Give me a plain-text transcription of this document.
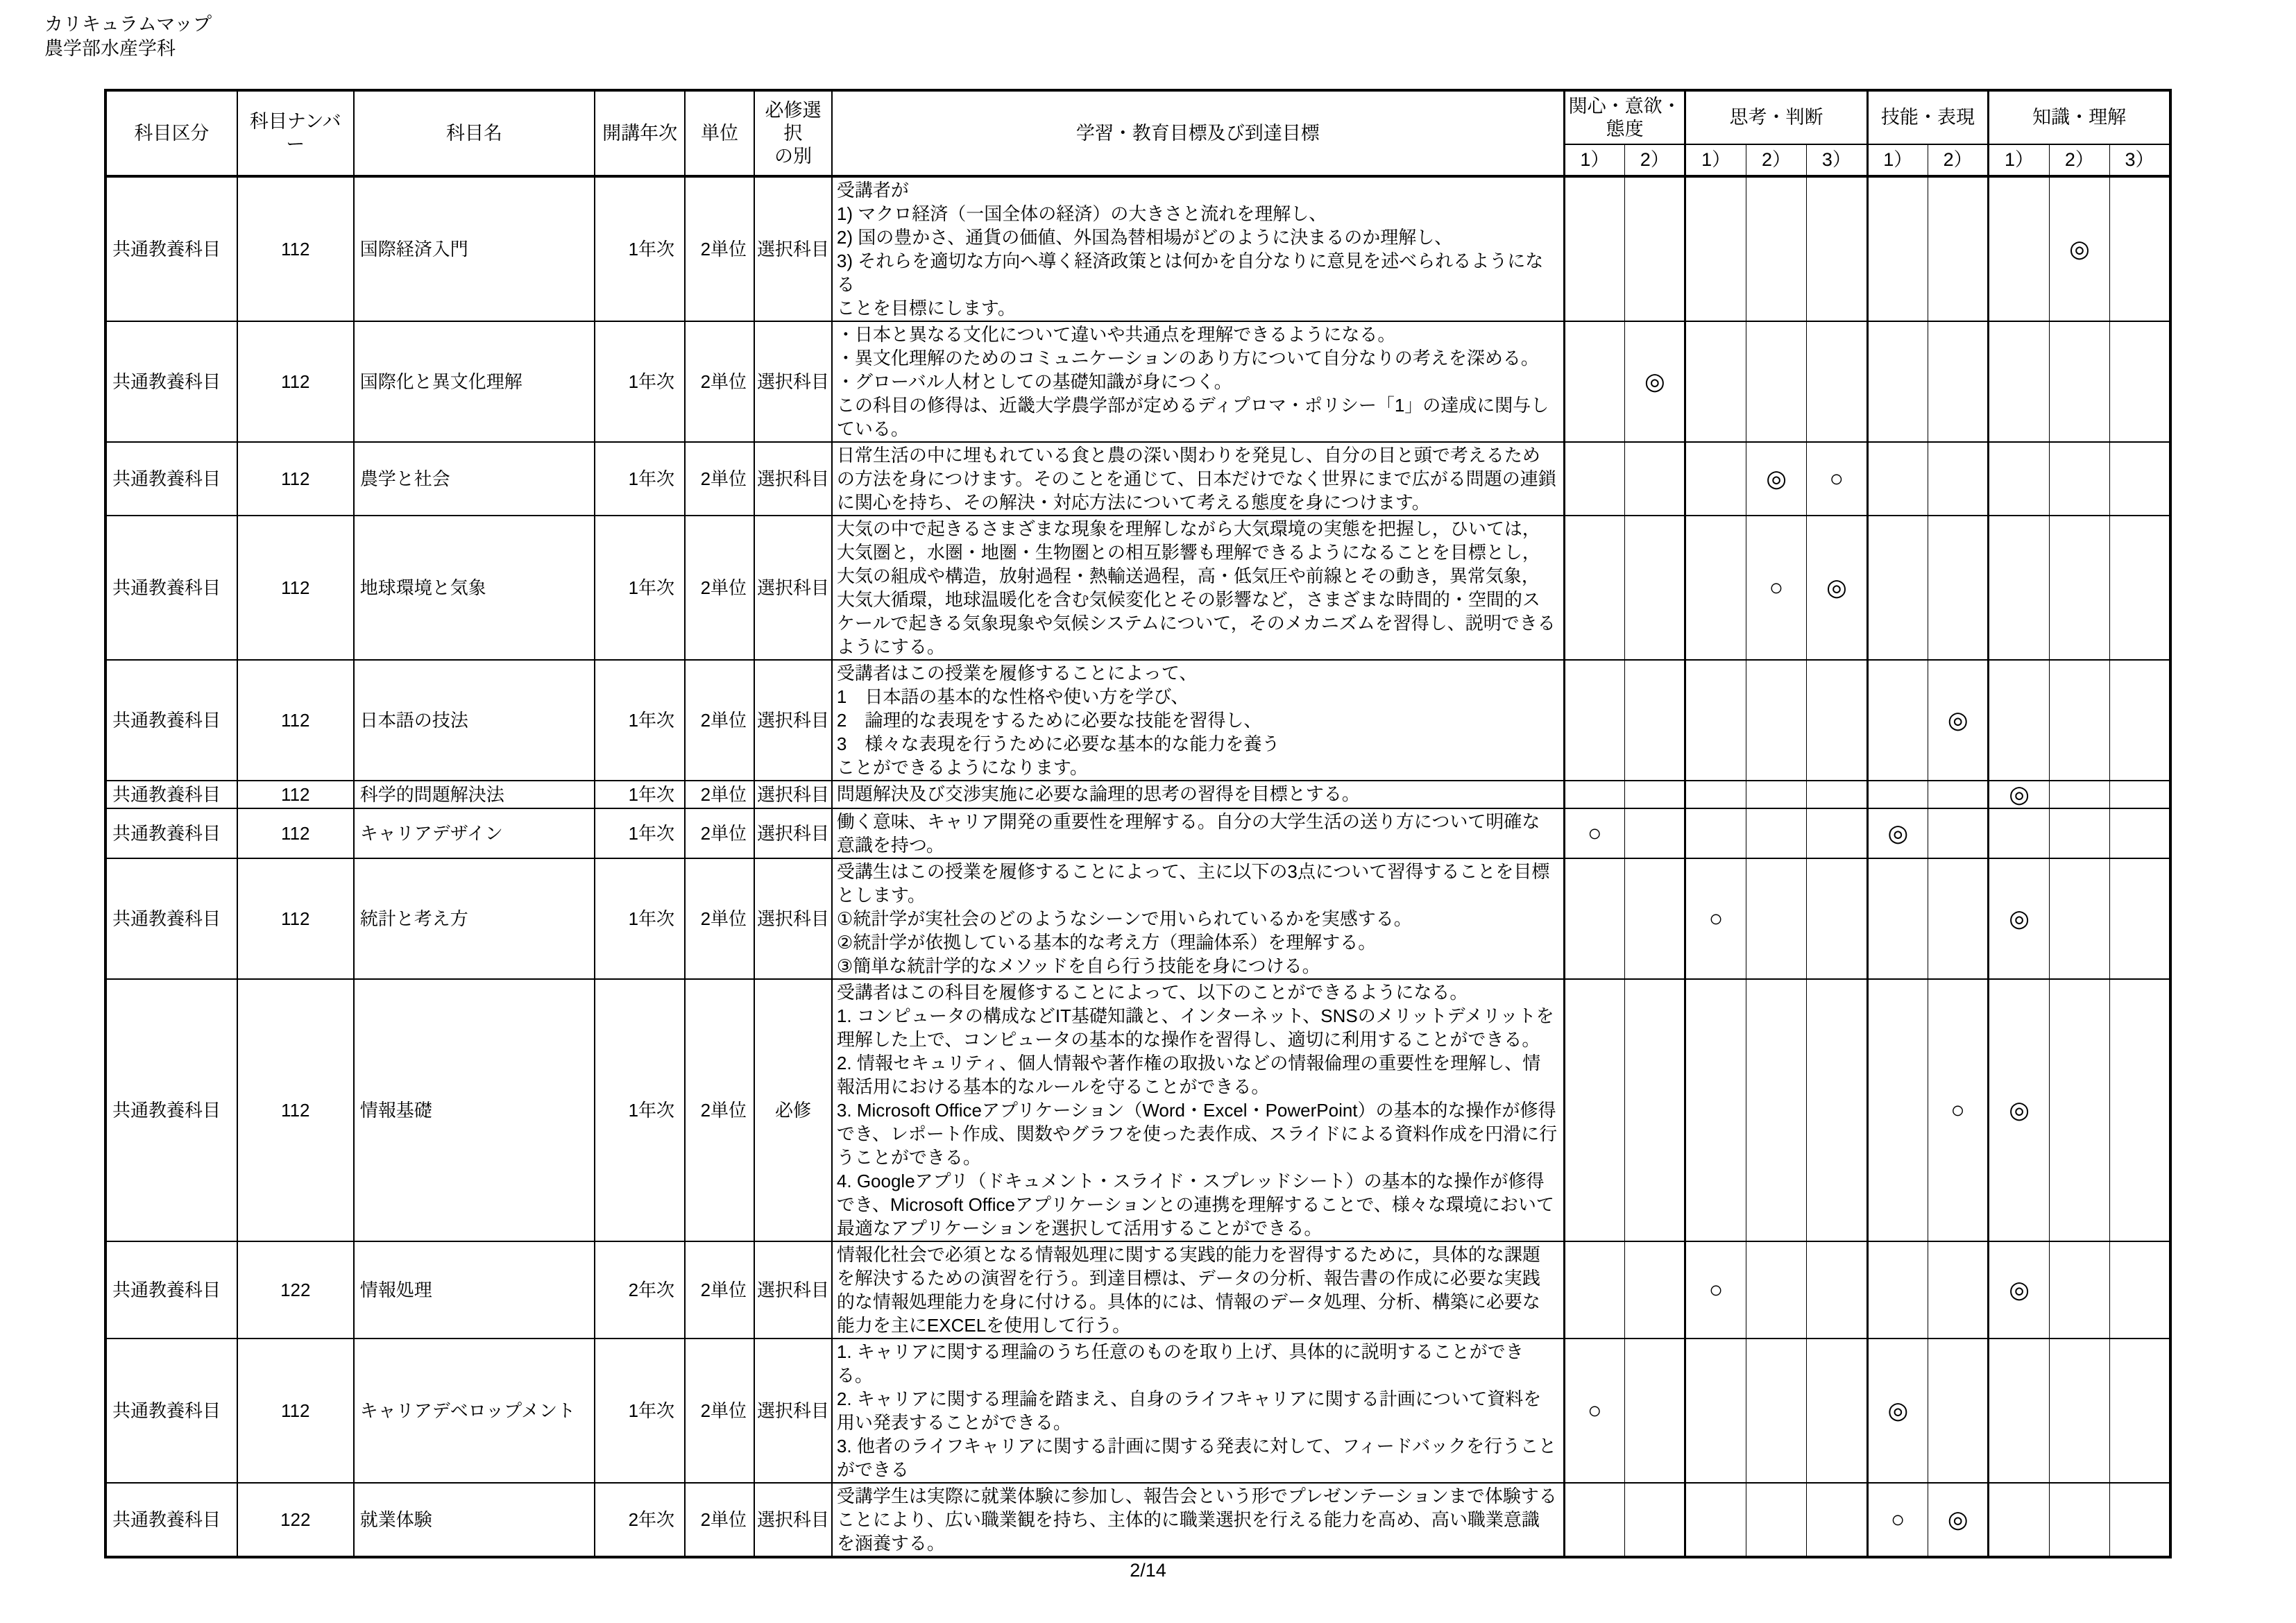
カリキュラムマップ
農学部水産学科
科目区分	科目ナンバー	科目名	開講年次	単位	必修選択
の別	学習・教育目標及び到達目標	関心・意欲・
態度		思考・判断			技能・表現		知識・理解		
							1）	2）	1）	2）	3）	1）	2）	1）	2）	3）
共通教養科目	112	国際経済入門	1年次	2単位	選択科目	受講者が
1) マクロ経済（一国全体の経済）の大きさと流れを理解し、
2) 国の豊かさ、通貨の価値、外国為替相場がどのように決まるのか理解し、
3) それらを適切な方向へ導く経済政策とは何かを自分なりに意見を述べられるようになる
ことを目標にします。									◎	
共通教養科目	112	国際化と異文化理解	1年次	2単位	選択科目	・日本と異なる文化について違いや共通点を理解できるようになる。
・異文化理解のためのコミュニケーションのあり方について自分なりの考えを深める。
・グローバル人材としての基礎知識が身につく。
この科目の修得は、近畿大学農学部が定めるディプロマ・ポリシー「1」の達成に関与している。		◎								
共通教養科目	112	農学と社会	1年次	2単位	選択科目	日常生活の中に埋もれている食と農の深い関わりを発見し、自分の目と頭で考えるための方法を身につけます。そのことを通じて、日本だけでなく世界にまで広がる問題の連鎖に関心を持ち、その解決・対応方法について考える態度を身につけます。				◎	○					
共通教養科目	112	地球環境と気象	1年次	2単位	選択科目	大気の中で起きるさまざまな現象を理解しながら大気環境の実態を把握し，ひいては，大気圏と，水圏・地圏・生物圏との相互影響も理解できるようになることを目標とし，大気の組成や構造，放射過程・熱輸送過程，高・低気圧や前線とその動き，異常気象，大気大循環，地球温暖化を含む気候変化とその影響など，さまざまな時間的・空間的スケールで起きる気象現象や気候システムについて，そのメカニズムを習得し、説明できるようにする。				○	◎					
共通教養科目	112	日本語の技法	1年次	2単位	選択科目	受講者はこの授業を履修することによって、
1　日本語の基本的な性格や使い方を学び、
2　論理的な表現をするために必要な技能を習得し、
3　様々な表現を行うために必要な基本的な能力を養う
ことができるようになります。							◎			
共通教養科目	112	科学的問題解決法	1年次	2単位	選択科目	問題解決及び交渉実施に必要な論理的思考の習得を目標とする。								◎		
共通教養科目	112	キャリアデザイン	1年次	2単位	選択科目	働く意味、キャリア開発の重要性を理解する。自分の大学生活の送り方について明確な意識を持つ。	○					◎				
共通教養科目	112	統計と考え方	1年次	2単位	選択科目	受講生はこの授業を履修することによって、主に以下の3点について習得することを目標とします。
①統計学が実社会のどのようなシーンで用いられているかを実感する。
②統計学が依拠している基本的な考え方（理論体系）を理解する。
③簡単な統計学的なメソッドを自ら行う技能を身につける。			○					◎		
共通教養科目	112	情報基礎	1年次	2単位	必修	受講者はこの科目を履修することによって、以下のことができるようになる。
1. コンピュータの構成などIT基礎知識と、インターネット、SNSのメリットデメリットを理解した上で、コンピュータの基本的な操作を習得し、適切に利用することができる。
2. 情報セキュリティ、個人情報や著作権の取扱いなどの情報倫理の重要性を理解し、情報活用における基本的なルールを守ることができる。
3. Microsoft Officeアプリケーション（Word・Excel・PowerPoint）の基本的な操作が修得でき、レポート作成、関数やグラフを使った表作成、スライドによる資料作成を円滑に行うことができる。
4. Googleアプリ（ドキュメント・スライド・スプレッドシート）の基本的な操作が修得でき、Microsoft Officeアプリケーションとの連携を理解することで、様々な環境において最適なアプリケーションを選択して活用することができる。							○	◎		
共通教養科目	122	情報処理	2年次	2単位	選択科目	情報化社会で必須となる情報処理に関する実践的能力を習得するために，具体的な課題を解決するための演習を行う。到達目標は、データの分析、報告書の作成に必要な実践的な情報処理能力を身に付ける。具体的には、情報のデータ処理、分析、構築に必要な能力を主にEXCELを使用して行う。			○					◎		
共通教養科目	112	キャリアデベロップメント	1年次	2単位	選択科目	1. キャリアに関する理論のうち任意のものを取り上げ、具体的に説明することができる。
2. キャリアに関する理論を踏まえ、自身のライフキャリアに関する計画について資料を用い発表することができる。
3. 他者のライフキャリアに関する計画に関する発表に対して、フィードバックを行うことができる	○					◎				
共通教養科目	122	就業体験	2年次	2単位	選択科目	受講学生は実際に就業体験に参加し、報告会という形でプレゼンテーションまで体験することにより、広い職業観を持ち、主体的に職業選択を行える能力を高め、高い職業意識を涵養する。						○	◎			
2/14
